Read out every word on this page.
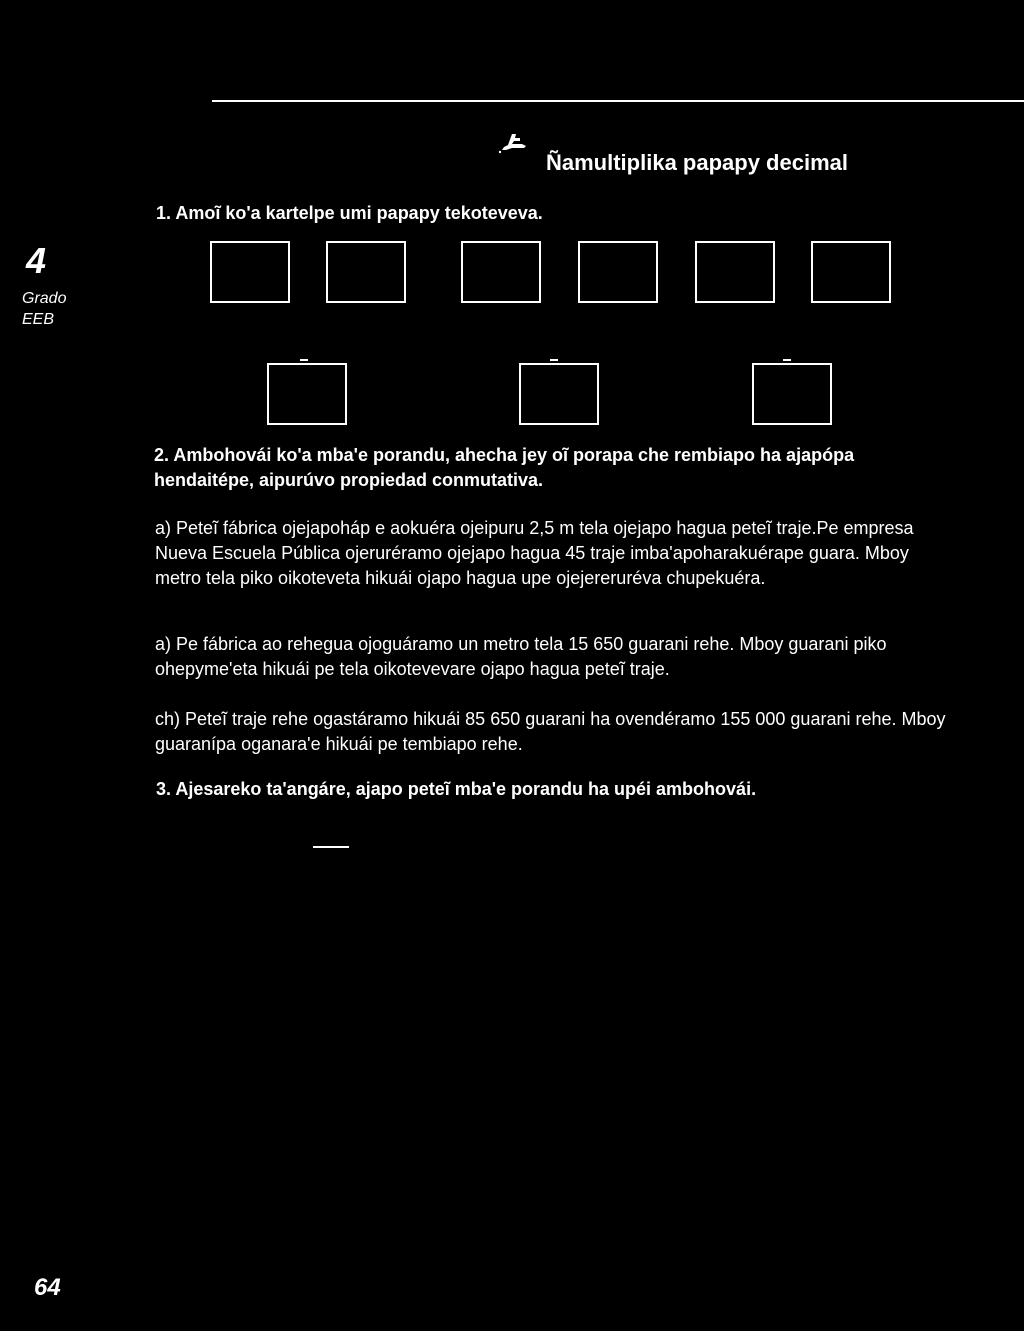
Ñamultiplika papapy decimal
4
Grado
EEB
1. Amoĩ ko'a kartelpe umi papapy tekoteveva.
2. Ambohovái ko'a mba'e porandu, ahecha jey oĩ porapa che rembiapo ha ajapópa hendaitépe, aipurúvo propiedad conmutativa.
a) Peteĩ fábrica ojejapoháp e aokuéra ojeipuru 2,5 m tela ojejapo hagua peteĩ traje.Pe empresa Nueva Escuela Pública ojeruréramo ojejapo hagua 45 traje imba'apoharakuérape guara. Mboy metro tela piko oikoteveta hikuái ojapo hagua upe ojejereruréva chupekuéra.
a) Pe fábrica ao rehegua ojoguáramo un metro tela 15 650 guarani rehe. Mboy guarani piko ohepyme'eta hikuái pe tela oikotevevare ojapo hagua peteĩ traje.
ch) Peteĩ traje rehe ogastáramo hikuái 85 650 guarani ha ovendéramo 155 000 guarani rehe. Mboy guaranípa oganara'e hikuái pe tembiapo rehe.
3. Ajesareko ta'angáre, ajapo peteĩ mba'e porandu ha upéi ambohovái.
64
